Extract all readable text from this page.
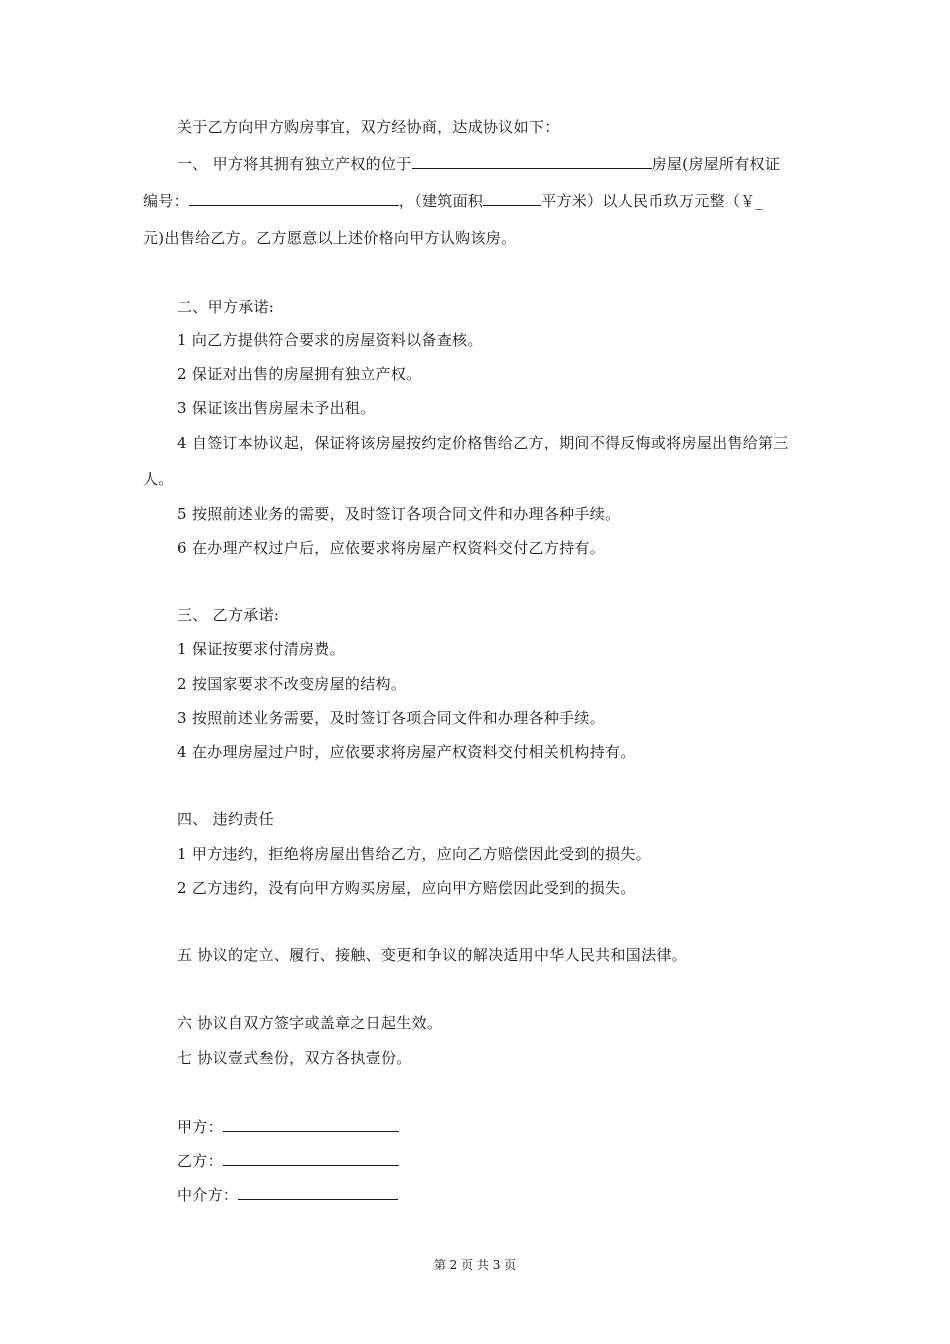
关于乙方向甲方购房事宜，双方经协商，达成协议如下：
一、 甲方将其拥有独立产权的位于	房屋(房屋所有权证
编号：	，（建筑面积	平方米）以人民币玖万元整（￥_
元)出售给乙方。乙方愿意以上述价格向甲方认购该房。
二、甲方承诺:
1 向乙方提供符合要求的房屋资料以备查核。
2 保证对出售的房屋拥有独立产权。
3 保证该出售房屋未予出租。
4 自签订本协议起，保证将该房屋按约定价格售给乙方，期间不得反悔或将房屋出售给第三
人。
5 按照前述业务的需要，及时签订各项合同文件和办理各种手续。
6 在办理产权过户后，应依要求将房屋产权资料交付乙方持有。
三、 乙方承诺:
1 保证按要求付清房费。
2 按国家要求不改变房屋的结构。
3 按照前述业务需要，及时签订各项合同文件和办理各种手续。
4 在办理房屋过户时，应依要求将房屋产权资料交付相关机构持有。
四、 违约责任
1 甲方违约，拒绝将房屋出售给乙方，应向乙方赔偿因此受到的损失。
2 乙方违约，没有向甲方购买房屋，应向甲方赔偿因此受到的损失。
五 协议的定立、履行、接触、变更和争议的解决适用中华人民共和国法律。
六 协议自双方签字或盖章之日起生效。
七 协议壹式叁份，双方各执壹份。
甲方：
乙方：
中介方：
第 2 页 共 3 页
